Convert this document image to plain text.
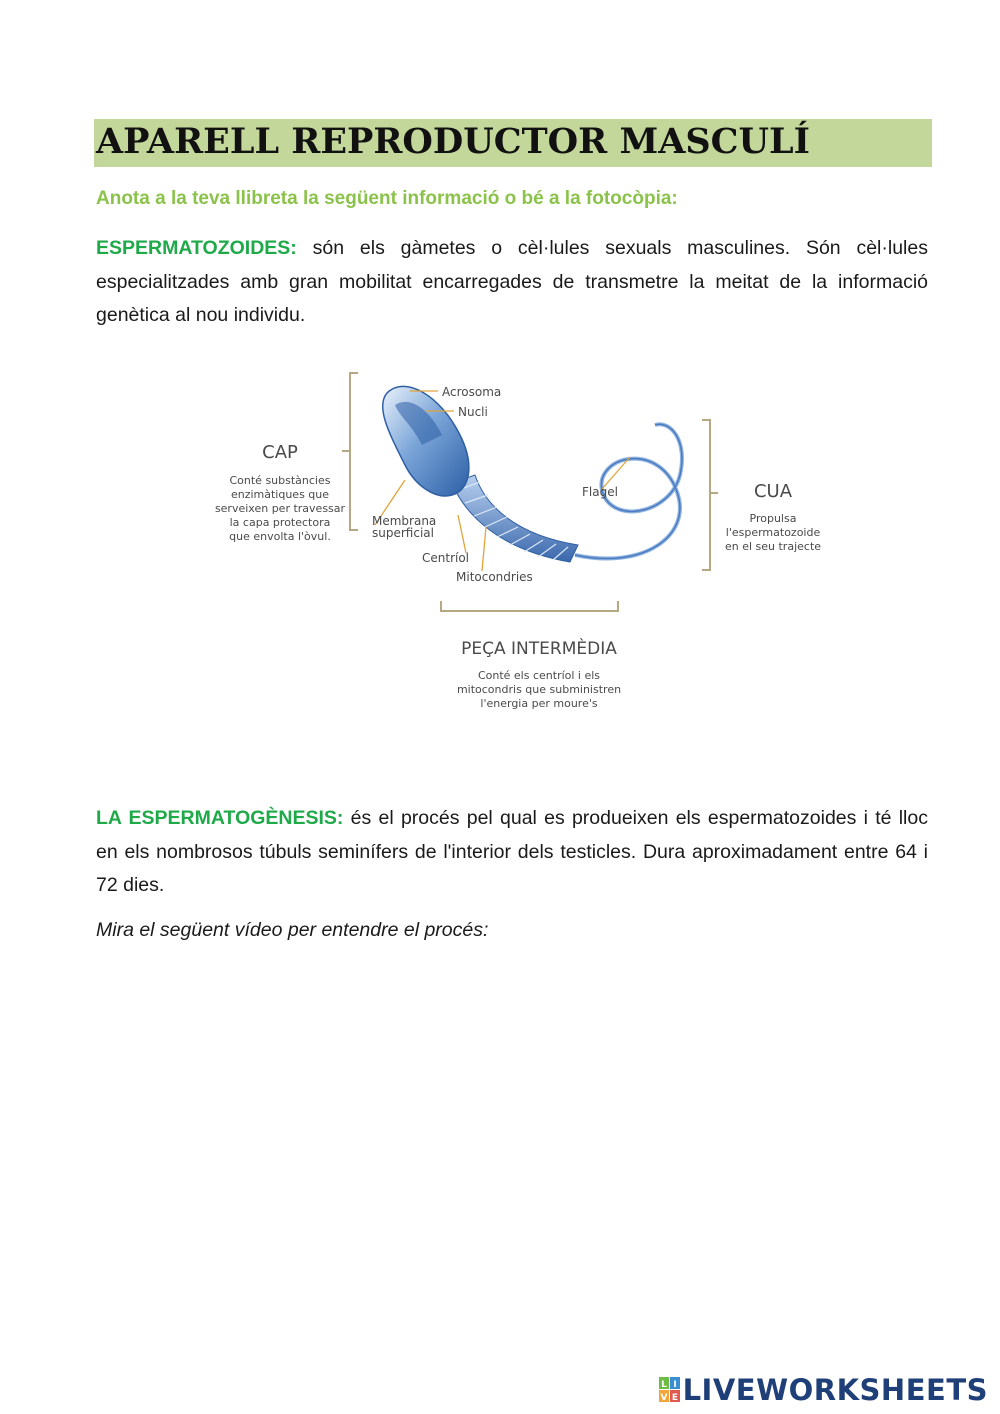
APARELL REPRODUCTOR MASCULÍ

Anota a la teva llibreta la següent informació o bé a la fotocòpia:

ESPERMATOZOIDES: són els gàmetes o cèl·lules sexuals masculines. Són cèl·lules especialitzades amb gran mobilitat encarregades de transmetre la meitat de la informació genètica al nou individu.

Acrosoma
Nucli
Flagel
Membrana
superficial
Centríol
Mitocondries
CAP
Conté substàncies
enzimàtiques que
serveixen per travessar
la capa protectora
que envolta l'òvul.
CUA
Propulsa
l'espermatozoide
en el seu trajecte
PEÇA INTERMÈDIA
Conté els centríol i els
mitocondris que subministren
l'energia per moure's

LA ESPERMATOGÈNESIS: és el procés pel qual es produeixen els espermatozoides i té lloc en els nombrosos túbuls seminífers de l'interior dels testicles. Dura aproximadament entre 64 i 72 dies.

Mira el següent vídeo per entendre el procés:

L I
V E LIVEWORKSHEETS
